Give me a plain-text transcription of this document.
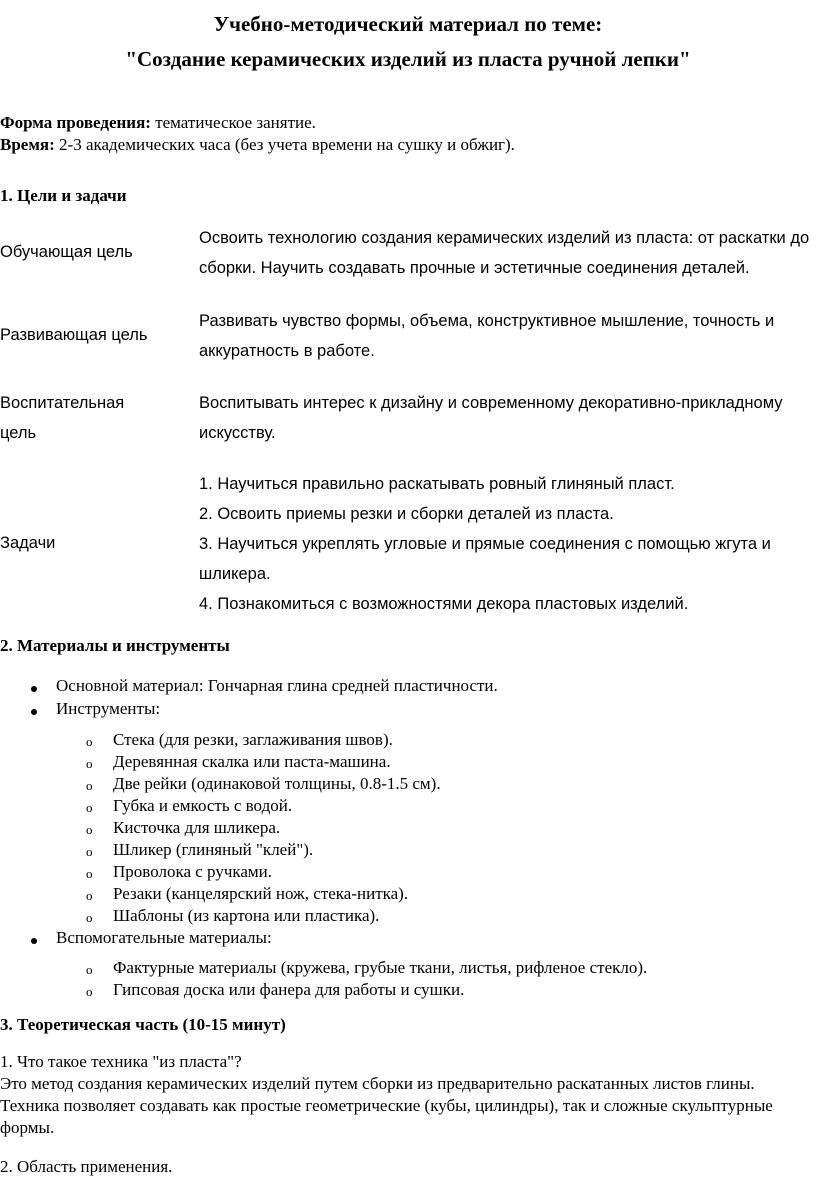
Учебно-методический материал по теме:
"Создание керамических изделий из пласта ручной лепки"
Форма проведения: тематическое занятие.
Время: 2-3 академических часа (без учета времени на сушку и обжиг).
1. Цели и задачи
Обучающая цель
Освоить технологию создания керамических изделий из пласта: от раскатки до сборки. Научить создавать прочные и эстетичные соединения деталей.
Развивающая цель
Развивать чувство формы, объема, конструктивное мышление, точность и аккуратность в работе.
Воспитательная цель
Воспитывать интерес к дизайну и современному декоративно-прикладному искусству.
Задачи
1. Научиться правильно раскатывать ровный глиняный пласт.
2. Освоить приемы резки и сборки деталей из пласта.
3. Научиться укреплять угловые и прямые соединения с помощью жгута и шликера.
4. Познакомиться с возможностями декора пластовых изделий.
2. Материалы и инструменты
Основной материал: Гончарная глина средней пластичности.
Инструменты:
o Стека (для резки, заглаживания швов).
o Деревянная скалка или паста-машина.
o Две рейки (одинаковой толщины, 0.8-1.5 см).
o Губка и емкость с водой.
o Кисточка для шликера.
o Шликер (глиняный "клей").
o Проволока с ручками.
o Резаки (канцелярский нож, стека-нитка).
o Шаблоны (из картона или пластика).
Вспомогательные материалы:
o Фактурные материалы (кружева, грубые ткани, листья, рифленое стекло).
o Гипсовая доска или фанера для работы и сушки.
3. Теоретическая часть (10-15 минут)
1. Что такое техника "из пласта"?
Это метод создания керамических изделий путем сборки из предварительно раскатанных листов глины. Техника позволяет создавать как простые геометрические (кубы, цилиндры), так и сложные скульптурные формы.
2. Область применения.
